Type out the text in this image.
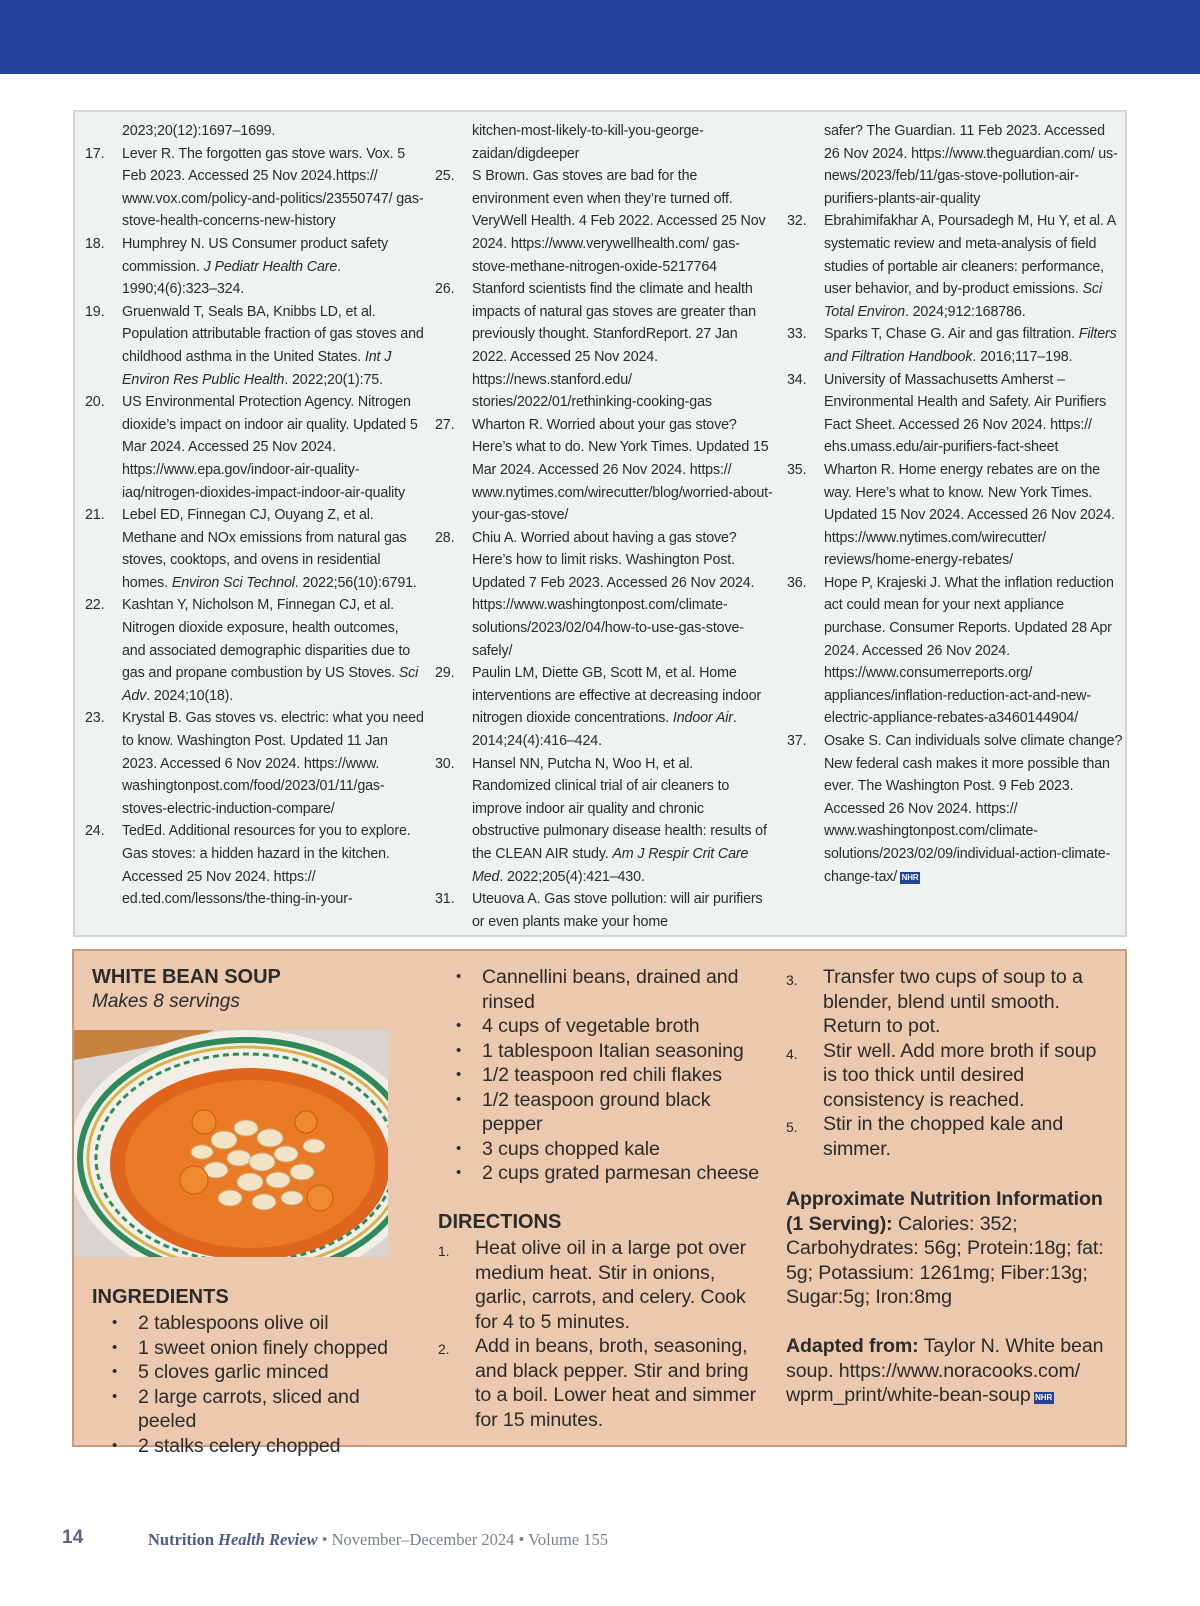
2023;20(12):1697–1699.
17. Lever R. The forgotten gas stove wars. Vox. 5 Feb 2023. Accessed 25 Nov 2024.https:// www.vox.com/policy-and-politics/23550747/ gas-stove-health-concerns-new-history
18. Humphrey N. US Consumer product safety commission. J Pediatr Health Care. 1990;4(6):323–324.
19. Gruenwald T, Seals BA, Knibbs LD, et al. Population attributable fraction of gas stoves and childhood asthma in the United States. Int J Environ Res Public Health. 2022;20(1):75.
20. US Environmental Protection Agency. Nitrogen dioxide’s impact on indoor air quality. Updated 5 Mar 2024. Accessed 25 Nov 2024. https://www.epa.gov/indoor-air-quality-iaq/nitrogen-dioxides-impact-indoor-air-quality
21. Lebel ED, Finnegan CJ, Ouyang Z, et al. Methane and NOx emissions from natural gas stoves, cooktops, and ovens in residential homes. Environ Sci Technol. 2022;56(10):6791.
22. Kashtan Y, Nicholson M, Finnegan CJ, et al. Nitrogen dioxide exposure, health outcomes, and associated demographic disparities due to gas and propane combustion by US Stoves. Sci Adv. 2024;10(18).
23. Krystal B. Gas stoves vs. electric: what you need to know. Washington Post. Updated 11 Jan 2023. Accessed 6 Nov 2024. https://www. washingtonpost.com/food/2023/01/11/gas-stoves-electric-induction-compare/
24. TedEd. Additional resources for you to explore. Gas stoves: a hidden hazard in the kitchen. Accessed 25 Nov 2024. https:// ed.ted.com/lessons/the-thing-in-your-
kitchen-most-likely-to-kill-you-george-zaidan/digdeeper
25. S Brown. Gas stoves are bad for the environment even when they’re turned off. VeryWell Health. 4 Feb 2022. Accessed 25 Nov 2024. https://www.verywellhealth.com/ gas-stove-methane-nitrogen-oxide-5217764
26. Stanford scientists find the climate and health impacts of natural gas stoves are greater than previously thought. StanfordReport. 27 Jan 2022. Accessed 25 Nov 2024. https://news.stanford.edu/ stories/2022/01/rethinking-cooking-gas
27. Wharton R. Worried about your gas stove? Here’s what to do. New York Times. Updated 15 Mar 2024. Accessed 26 Nov 2024. https:// www.nytimes.com/wirecutter/blog/worried-about-your-gas-stove/
28. Chiu A. Worried about having a gas stove? Here’s how to limit risks. Washington Post. Updated 7 Feb 2023. Accessed 26 Nov 2024. https://www.washingtonpost.com/climate-solutions/2023/02/04/how-to-use-gas-stove-safely/
29. Paulin LM, Diette GB, Scott M, et al. Home interventions are effective at decreasing indoor nitrogen dioxide concentrations. Indoor Air. 2014;24(4):416–424.
30. Hansel NN, Putcha N, Woo H, et al. Randomized clinical trial of air cleaners to improve indoor air quality and chronic obstructive pulmonary disease health: results of the CLEAN AIR study. Am J Respir Crit Care Med. 2022;205(4):421–430.
31. Uteuova A. Gas stove pollution: will air purifiers or even plants make your home
safer? The Guardian. 11 Feb 2023. Accessed 26 Nov 2024. https://www.theguardian.com/ us-news/2023/feb/11/gas-stove-pollution-air-purifiers-plants-air-quality
32. Ebrahimifakhar A, Poursadegh M, Hu Y, et al. A systematic review and meta-analysis of field studies of portable air cleaners: performance, user behavior, and by-product emissions. Sci Total Environ. 2024;912:168786.
33. Sparks T, Chase G. Air and gas filtration. Filters and Filtration Handbook. 2016;117–198.
34. University of Massachusetts Amherst – Environmental Health and Safety. Air Purifiers Fact Sheet. Accessed 26 Nov 2024. https:// ehs.umass.edu/air-purifiers-fact-sheet
35. Wharton R. Home energy rebates are on the way. Here’s what to know. New York Times. Updated 15 Nov 2024. Accessed 26 Nov 2024. https://www.nytimes.com/wirecutter/ reviews/home-energy-rebates/
36. Hope P, Krajeski J. What the inflation reduction act could mean for your next appliance purchase. Consumer Reports. Updated 28 Apr 2024. Accessed 26 Nov 2024. https://www.consumerreports.org/ appliances/inflation-reduction-act-and-new-electric-appliance-rebates-a3460144904/
37. Osake S. Can individuals solve climate change? New federal cash makes it more possible than ever. The Washington Post. 9 Feb 2023. Accessed 26 Nov 2024. https:// www.washingtonpost.com/climate-solutions/2023/02/09/individual-action-climate-change-tax/ NHR
WHITE BEAN SOUP
Makes 8 servings
INGREDIENTS
• 2 tablespoons olive oil
• 1 sweet onion finely chopped
• 5 cloves garlic minced
• 2 large carrots, sliced and peeled
• 2 stalks celery chopped
• Cannellini beans, drained and rinsed
• 4 cups of vegetable broth
• 1 tablespoon Italian seasoning
• 1/2 teaspoon red chili flakes
• 1/2 teaspoon ground black pepper
• 3 cups chopped kale
• 2 cups grated parmesan cheese
DIRECTIONS
1. Heat olive oil in a large pot over medium heat. Stir in onions, garlic, carrots, and celery. Cook for 4 to 5 minutes.
2. Add in beans, broth, seasoning, and black pepper. Stir and bring to a boil. Lower heat and simmer for 15 minutes.
3. Transfer two cups of soup to a blender, blend until smooth. Return to pot.
4. Stir well. Add more broth if soup is too thick until desired consistency is reached.
5. Stir in the chopped kale and simmer.
Approximate Nutrition Information (1 Serving): Calories: 352; Carbohydrates: 56g; Protein:18g; fat: 5g; Potassium: 1261mg; Fiber:13g; Sugar:5g; Iron:8mg
Adapted from: Taylor N. White bean soup. https://www.noracooks.com/ wprm_print/white-bean-soup NHR
14	Nutrition Health Review • November–December 2024 • Volume 155
